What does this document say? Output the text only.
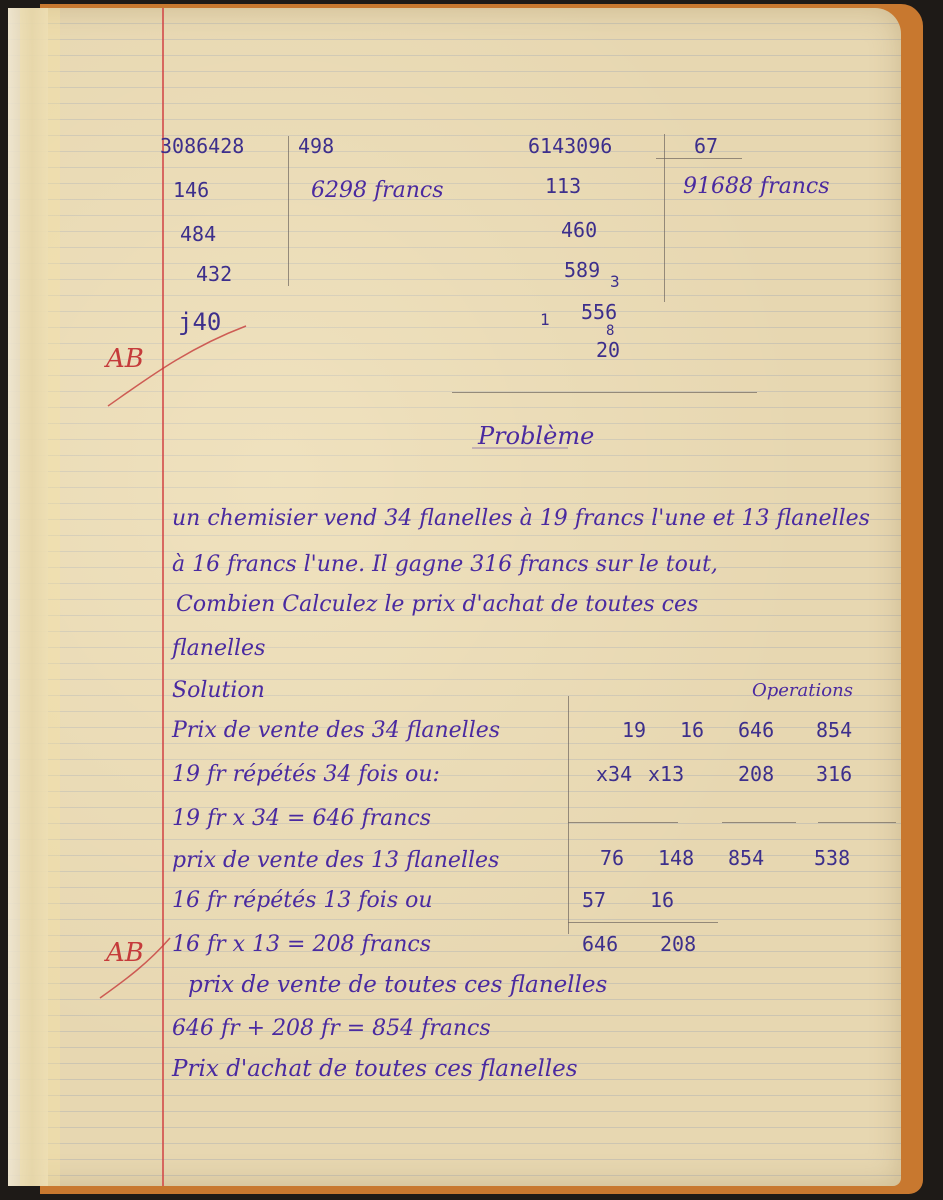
3086428
146
484
432
j40
498
6298 francs
6143096
113
460
589 3
556
8
1
20
67
91688 francs
AB
AB
Problème
un chemisier vend 34 flanelles à 19 francs l'une et 13 flanelles
à 16 francs l'une. Il gagne 316 francs sur le tout,
Combien Calculez le prix d'achat de toutes ces
flanelles
Solution	Operations
Prix de vente des 34 flanelles
19 fr répétés 34 fois ou:
19 fr x 34 = 646 francs
prix de vente des 13 flanelles
16 fr répétés 13 fois ou
16 fr x 13 = 208 francs
prix de vente de toutes ces flanelles
646 fr + 208 fr = 854 francs
Prix d'achat de toutes ces flanelles
19 16 646 854
x34 x13	208 316
76 148 854 538
57 16
646 208
